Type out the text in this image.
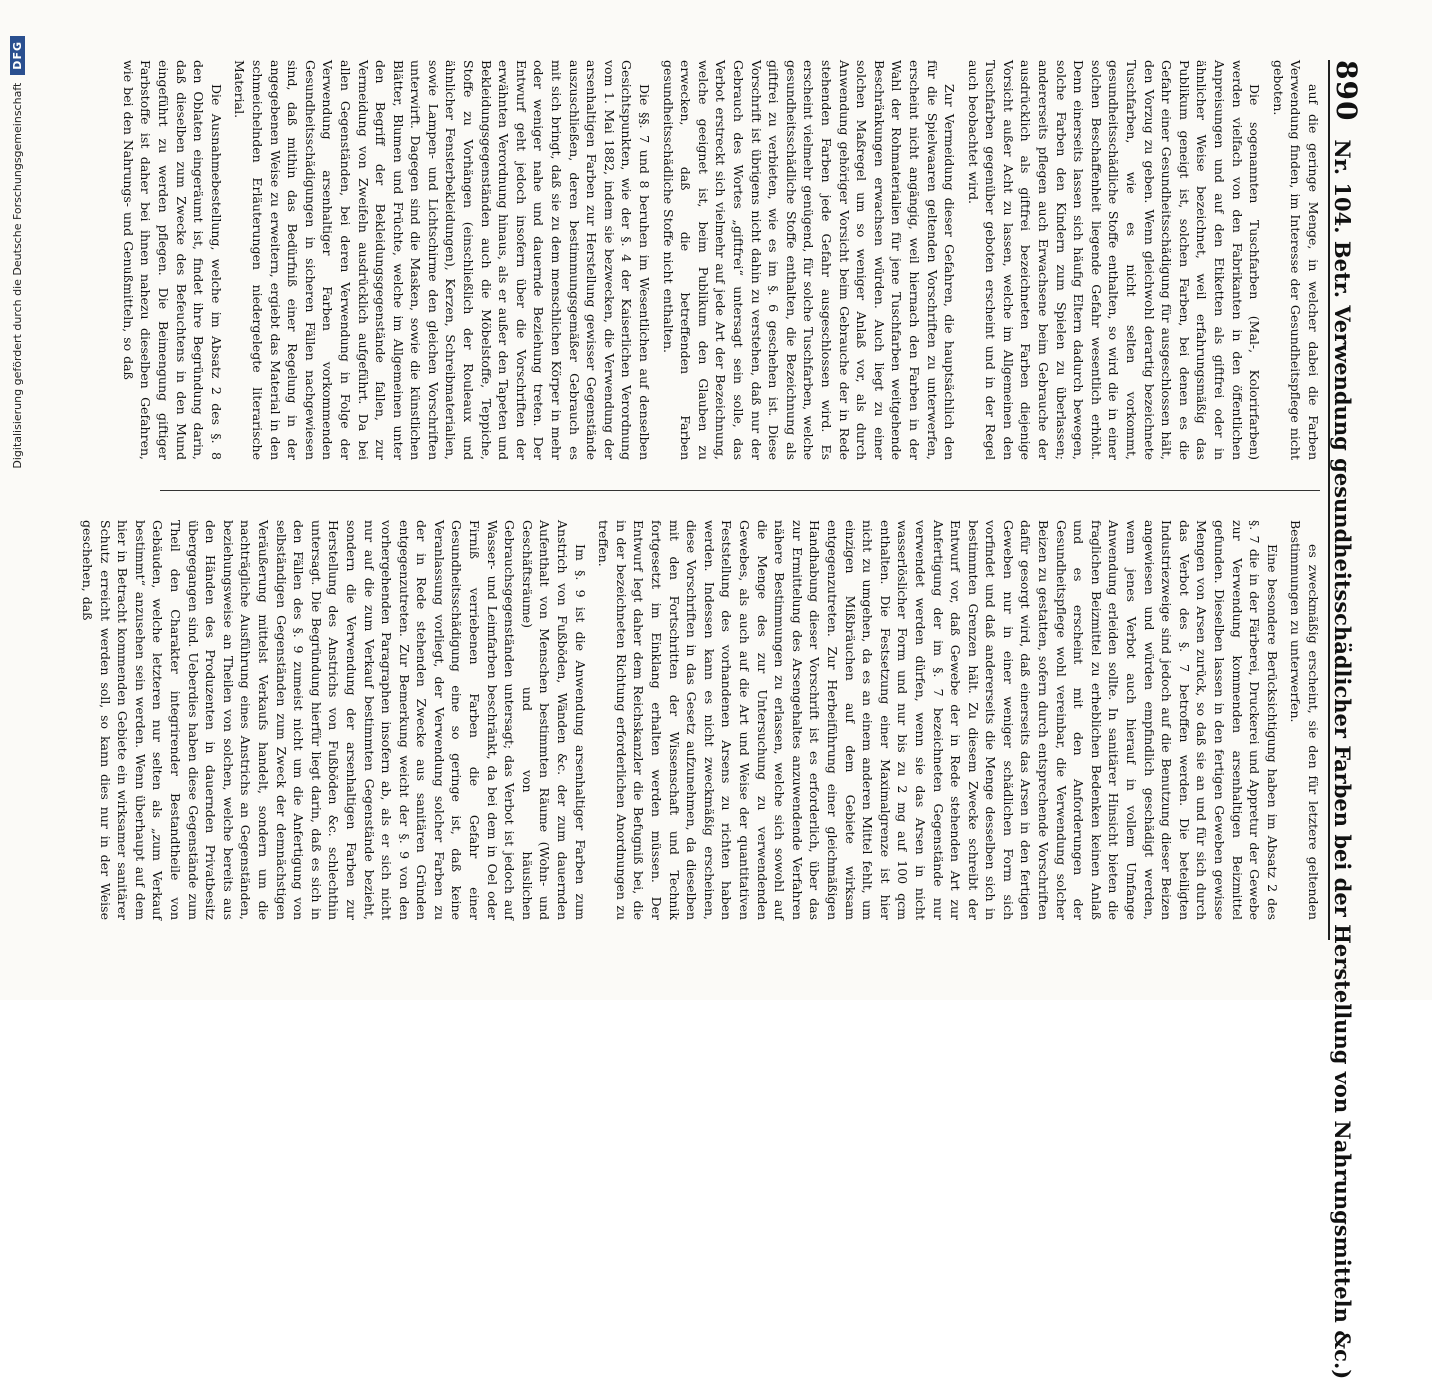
890
Nr. 104. Betr. Verwendung gesundheitsschädlicher Farben bei der Herstellung von Nahrungsmitteln &c.)

auf die geringe Menge, in welcher dabei die Farben Verwendung finden, im Interesse der Gesundheitspflege nicht geboten.

Die sogenannten Tuschfarben (Mal-, Kolorirfarben) werden vielfach von den Fabrikanten in den öffentlichen Anpreisungen und auf den Etiketten als giftfrei oder in ähnlicher Weise bezeichnet, weil erfahrungsmäßig das Publikum geneigt ist, solchen Farben, bei denen es die Gefahr einer Gesundheitsschädigung für ausgeschlossen hält, den Vorzug zu geben. Wenn gleichwohl derartig bezeichnete Tuschfarben, wie es nicht selten vorkommt, gesundheitsschädliche Stoffe enthalten, so wird die in einer solchen Beschaffenheit liegende Gefahr wesentlich erhöht. Denn einerseits lassen sich häufig Eltern dadurch bewegen, solche Farben den Kindern zum Spielen zu überlassen; andererseits pflegen auch Erwachsene beim Gebrauche der ausdrücklich als giftfrei bezeichneten Farben diejenige Vorsicht außer Acht zu lassen, welche im Allgemeinen den Tuschfarben gegenüber geboten erscheint und in der Regel auch beobachtet wird.

Zur Vermeidung dieser Gefahren, die hauptsächlich den für die Spielwaaren geltenden Vorschriften zu unterwerfen, erscheint nicht angängig, weil hiernach den Farben in der Wahl der Rohmaterialien für jene Tuschfarben weitgehende Beschränkungen erwachsen würden. Auch liegt zu einer solchen Maßregel um so weniger Anlaß vor, als durch Anwendung gehöriger Vorsicht beim Gebrauche der in Rede stehenden Farben jede Gefahr ausgeschlossen wird. Es erscheint vielmehr genügend, für solche Tuschfarben, welche gesundheitsschädliche Stoffe enthalten, die Bezeichnung als giftfrei zu verbieten, wie es im §. 6 geschehen ist. Diese Vorschrift ist übrigens nicht dahin zu verstehen, daß nur der Gebrauch des Wortes „giftfrei“ untersagt sein solle, das Verbot erstreckt sich vielmehr auf jede Art der Bezeichnung, welche geeignet ist, beim Publikum den Glauben zu erwecken, daß die betreffenden Farben gesundheitsschädliche Stoffe nicht enthalten.

Die §§. 7 und 8 beruhen im Wesentlichen auf denselben Gesichtspunkten, wie der §. 4 der Kaiserlichen Verordnung vom 1. Mai 1882, indem sie bezwecken, die Verwendung der arsenhaltigen Farben zur Herstellung gewisser Gegenstände auszuschließen, deren bestimmungsgemäßer Gebrauch es mit sich bringt, daß sie zu dem menschlichen Körper in mehr oder weniger nahe und dauernde Beziehung treten. Der Entwurf geht jedoch insofern über die Vorschriften der erwähnten Verordnung hinaus, als er außer den Tapeten und Bekleidungsgegenständen auch die Möbelstoffe, Teppiche, Stoffe zu Vorhängen (einschließlich der Rouleaux und ähnlicher Fensterbekleidungen), Kerzen, Schreibmaterialien, sowie Lampen- und Lichtschirme den gleichen Vorschriften unterwirft. Dagegen sind die Masken, sowie die künstlichen Blätter, Blumen und Früchte, welche im Allgemeinen unter den Begriff der Bekleidungsgegenstände fallen, zur Vermeidung von Zweifeln ausdrücklich aufgeführt. Da bei allen Gegenständen, bei deren Verwendung in Folge der Verwendung arsenhaltiger Farben vorkommenden Gesundheitsschädigungen in sicheren Fällen nachgewiesen sind, daß mithin das Bedürfniß einer Regelung in der angegebenen Weise zu erweitern, ergiebt das Material in den schmeichelnden Erläuterungen niedergelegte literarische Material.

Die Ausnahmebestellung, welche im Absatz 2 des §. 8 den Oblaten eingeräumt ist, findet ihre Begründung darin, daß dieselben zum Zwecke des Befeuchtens in den Mund eingeführt zu werden pflegen. Die Beimengung giftiger Farbstoffe ist daher bei ihnen nahezu dieselben Gefahren, wie bei den Nahrungs- und Genußmitteln, so daß

es zweckmäßig erscheint, sie den für letztere geltenden Bestimmungen zu unterwerfen.

Eine besondere Berücksichtigung haben im Absatz 2 des §. 7 die in der Färberei, Druckerei und Appretur der Gewebe zur Verwendung kommenden arsenhaltigen Beizmittel gefunden. Dieselben lassen in den fertigen Geweben gewisse Mengen von Arsen zurück, so daß sie an und für sich durch das Verbot des §. 7 betroffen werden. Die beteiligten Industriezweige sind jedoch auf die Benutzung dieser Beizen angewiesen und würden empfindlich geschädigt werden, wenn jenes Verbot auch hierauf in vollem Umfange Anwendung erleiden sollte. In sanitärer Hinsicht bieten die fraglichen Beizmittel zu erheblichen Bedenken keinen Anlaß und es erscheint mit den Anforderungen der Gesundheitspflege wohl vereinbar, die Verwendung solcher Beizen zu gestatten, sofern durch entsprechende Vorschriften dafür gesorgt wird, daß einerseits das Arsen in den fertigen Geweben nur in einer weniger schädlichen Form sich vorfindet und daß andererseits die Menge desselben sich in bestimmten Grenzen hält. Zu diesem Zwecke schreibt der Entwurf vor, daß Gewebe der in Rede stehenden Art zur Anfertigung der im §. 7 bezeichneten Gegenstände nur verwendet werden dürfen, wenn sie das Arsen in nicht wasserlöslicher Form und nur bis zu 2 mg auf 100 qcm enthalten. Die Festsetzung einer Maximalgrenze ist hier nicht zu umgehen, da es an einem anderen Mittel fehlt, um einzigen Mißbräuchen auf dem Gebiete wirksam entgegenzutreten. Zur Herbeiführung einer gleichmäßigen Handhabung dieser Vorschrift ist es erforderlich, über das zur Ermittelung des Arsengehaltes anzuwendende Verfahren nähere Bestimmungen zu erlassen, welche sich sowohl auf die Menge des zur Untersuchung zu verwendenden Gewebes, als auch auf die Art und Weise der quantitativen Feststellung des vorhandenen Arsens zu richten haben werden. Indessen kann es nicht zweckmäßig erscheinen, diese Vorschriften in das Gesetz aufzunehmen, da dieselben mit den Fortschritten der Wissenschaft und Technik fortgesetzt im Einklang erhalten werden müssen. Der Entwurf legt daher dem Reichskanzler die Befugniß bei, die in der bezeichneten Richtung erforderlichen Anordnungen zu treffen.

Im §. 9 ist die Anwendung arsenhaltiger Farben zum Anstrich von Fußböden, Wänden &c. der zum dauernden Aufenthalt von Menschen bestimmten Räume (Wohn- und Geschäftsräume) und von häuslichen Gebrauchsgegenständen untersagt; das Verbot ist jedoch auf Wasser- und Leimfarben beschränkt, da bei dem in Oel oder Firniß verriebenen Farben die Gefahr einer Gesundheitsschädigung eine so geringe ist, daß keine Veranlassung vorliegt, der Verwendung solcher Farben zu der in Rede stehenden Zwecke aus sanitären Gründen entgegenzutreten. Zur Bemerkung weicht der §. 9 von den vorhergehenden Paragraphen insofern ab, als er sich nicht nur auf die zum Verkauf bestimmten Gegenstände bezieht, sondern die Verwendung der arsenhaltigen Farben zur Herstellung des Anstrichs von Fußböden &c. schlechthin untersagt. Die Begründung hierfür liegt darin, daß es sich in den Fällen des §. 9 zumeist nicht um die Anfertigung von selbständigen Gegenständen zum Zweck der demnächstigen Veräußerung mittelst Verkaufs handelt, sondern um die nachträgliche Ausführung eines Anstrichs an Gegenständen, beziehungsweise an Theilen von solchen, welche bereits aus den Händen des Produzenten in dauernden Privatbesitz übergegangen sind. Ueberdies haben diese Gegenstände zum Theil den Charakter integrirender Bestandtheile von Gebäuden, welche letzteren nur selten als „zum Verkauf bestimmt“ anzusehen sein werden. Wenn überhaupt auf dem hier in Betracht kommenden Gebiete ein wirksamer sanitärer Schutz erreicht werden soll, so kann dies nur in der Weise geschehen, daß

Digitalisierung gefördert durch die Deutsche Forschungsgemeinschaft
DFG
